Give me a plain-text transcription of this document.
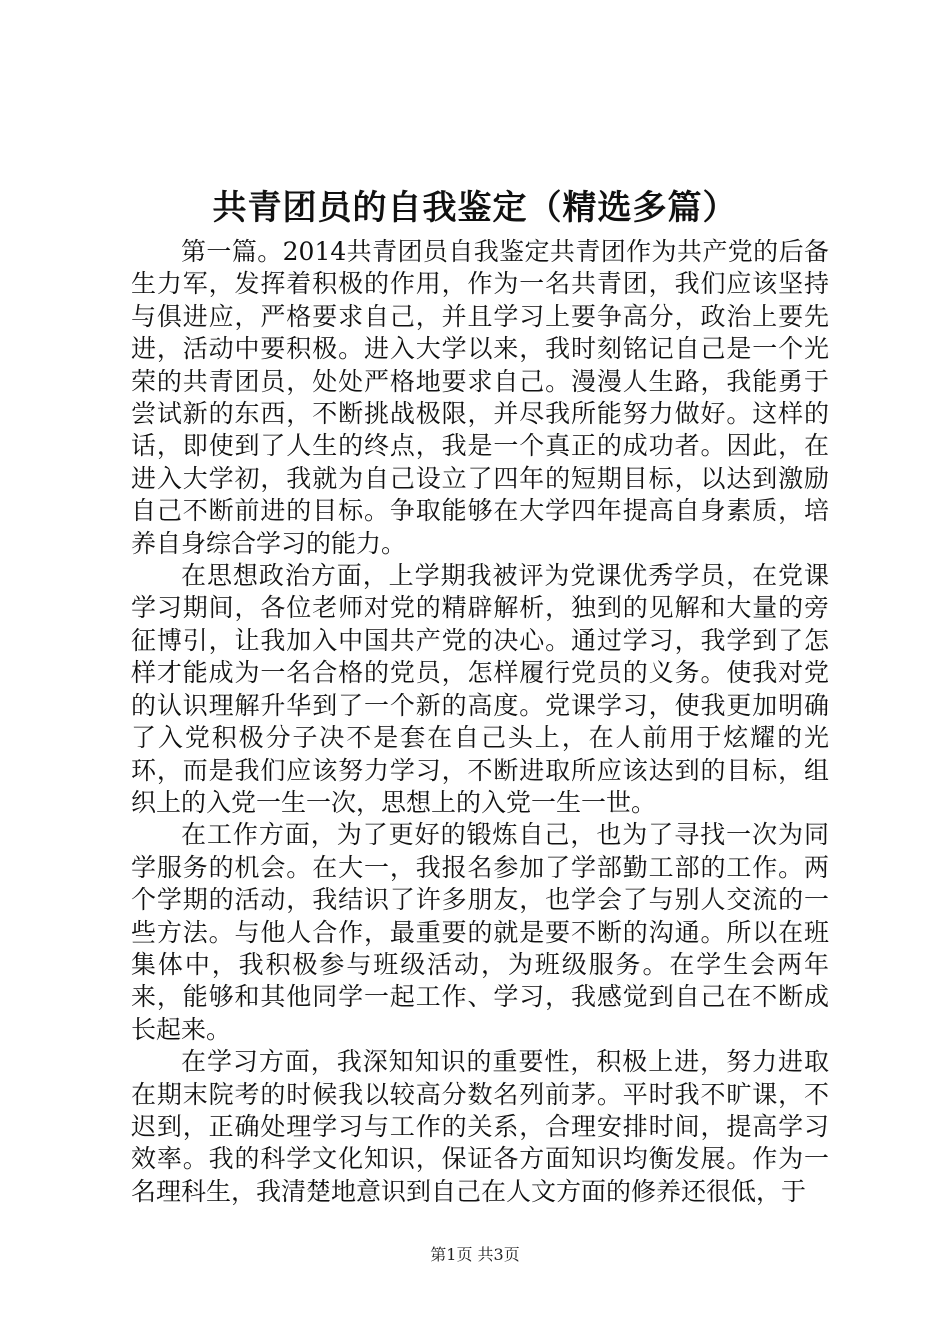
共青团员的自我鉴定（精选多篇）

第一篇。2014共青团员自我鉴定共青团作为共产党的后备生力军，发挥着积极的作用，作为一名共青团，我们应该坚持与俱进应，严格要求自己，并且学习上要争高分，政治上要先进，活动中要积极。进入大学以来，我时刻铭记自己是一个光荣的共青团员，处处严格地要求自己。漫漫人生路，我能勇于尝试新的东西，不断挑战极限，并尽我所能努力做好。这样的话，即使到了人生的终点，我是一个真正的成功者。因此，在进入大学初，我就为自己设立了四年的短期目标，以达到激励自己不断前进的目标。争取能够在大学四年提高自身素质，培养自身综合学习的能力。

在思想政治方面，上学期我被评为党课优秀学员，在党课学习期间，各位老师对党的精辟解析，独到的见解和大量的旁征博引，让我加入中国共产党的决心。通过学习，我学到了怎样才能成为一名合格的党员，怎样履行党员的义务。使我对党的认识理解升华到了一个新的高度。党课学习，使我更加明确了入党积极分子决不是套在自己头上，在人前用于炫耀的光环，而是我们应该努力学习，不断进取所应该达到的目标，组织上的入党一生一次，思想上的入党一生一世。

在工作方面，为了更好的锻炼自己，也为了寻找一次为同学服务的机会。在大一，我报名参加了学部勤工部的工作。两个学期的活动，我结识了许多朋友，也学会了与别人交流的一些方法。与他人合作，最重要的就是要不断的沟通。所以在班集体中，我积极参与班级活动，为班级服务。在学生会两年来，能够和其他同学一起工作、学习，我感觉到自己在不断成长起来。

在学习方面，我深知知识的重要性，积极上进，努力进取在期末院考的时候我以较高分数名列前茅。平时我不旷课，不迟到，正确处理学习与工作的关系，合理安排时间，提高学习效率。我的科学文化知识，保证各方面知识均衡发展。作为一名理科生，我清楚地意识到自己在人文方面的修养还很低，于

第1页 共3页
